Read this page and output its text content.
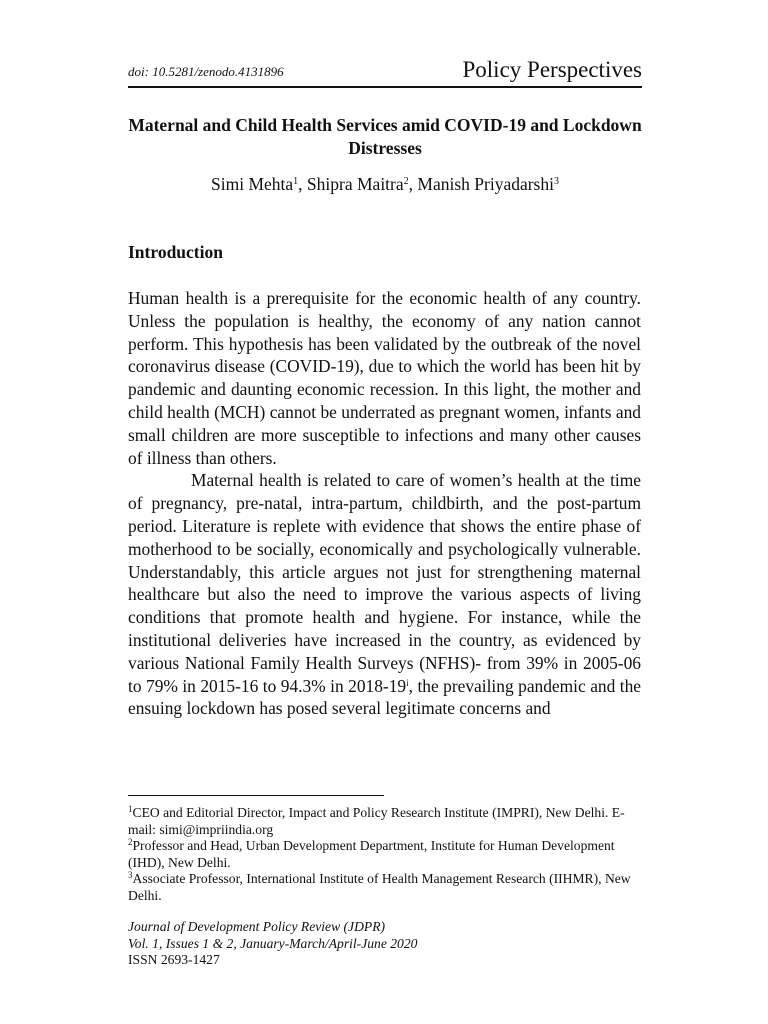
doi: 10.5281/zenodo.4131896	Policy Perspectives
Maternal and Child Health Services amid COVID-19 and Lockdown Distresses
Simi Mehta$^1$, Shipra Maitra$^2$, Manish Priyadarshi$^3$
Introduction

Human health is a prerequisite for the economic health of any country. Unless the population is healthy, the economy of any nation cannot perform. This hypothesis has been validated by the outbreak of the novel coronavirus disease (COVID-19), due to which the world has been hit by pandemic and daunting economic recession. In this light, the mother and child health (MCH) cannot be underrated as pregnant women, infants and small children are more susceptible to infections and many other causes of illness than others.

Maternal health is related to care of women’s health at the time of pregnancy, pre-natal, intra-partum, childbirth, and the post-partum period. Literature is replete with evidence that shows the entire phase of motherhood to be socially, economically and psychologically vulnerable. Understandably, this article argues not just for strengthening maternal healthcare but also the need to improve the various aspects of living conditions that promote health and hygiene. For instance, while the institutional deliveries have increased in the country, as evidenced by various National Family Health Surveys (NFHS)- from 39% in 2005-06 to 79% in 2015-16 to 94.3% in 2018-19$^i$, the prevailing pandemic and the ensuing lockdown has posed several legitimate concerns and

$^1$CEO and Editorial Director, Impact and Policy Research Institute (IMPRI), New Delhi. E-mail: simi@impriindia.org

$^2$Professor and Head, Urban Development Department, Institute for Human Development (IHD), New Delhi.

$^3$Associate Professor, International Institute of Health Management Research (IIHMR), New Delhi.

Journal of Development Policy Review (JDPR)

Vol. 1, Issues 1 & 2, January-March/April-June 2020

ISSN 2693-1427
